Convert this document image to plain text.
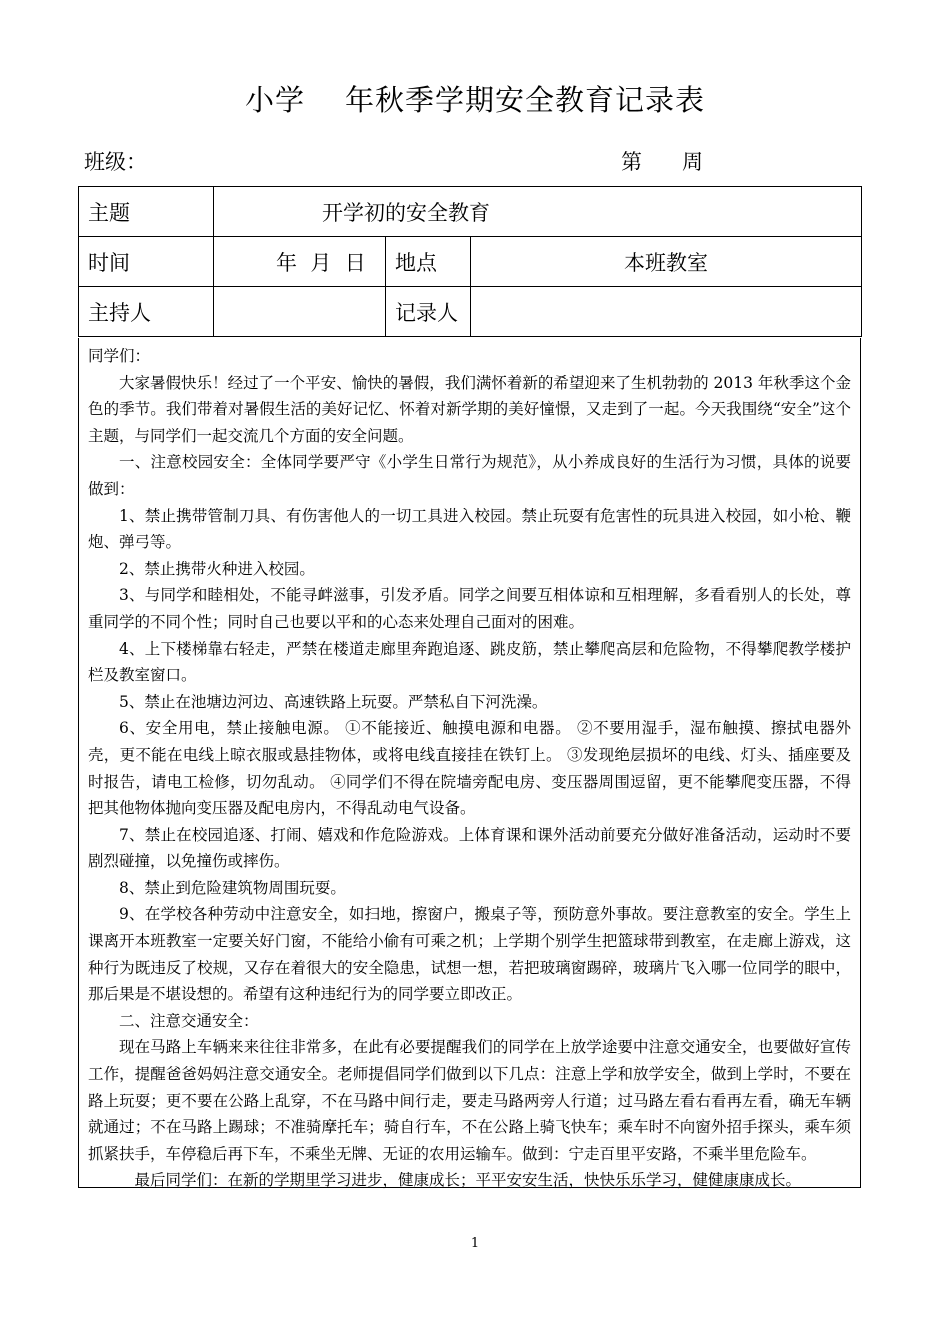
小学 年秋季学期安全教育记录表
班级：	第 周
主题	开学初的安全教育		
时间	年  月  日	地点	本班教室
主持人		记录人	

同学们：

大家暑假快乐！经过了一个平安、愉快的暑假，我们满怀着新的希望迎来了生机勃勃的 2013 年秋季这个金色的季节。我们带着对暑假生活的美好记忆、怀着对新学期的美好憧憬，又走到了一起。今天我围绕“安全”这个主题，与同学们一起交流几个方面的安全问题。

一、注意校园安全：全体同学要严守《小学生日常行为规范》，从小养成良好的生活行为习惯，具体的说要做到：

1、禁止携带管制刀具、有伤害他人的一切工具进入校园。禁止玩耍有危害性的玩具进入校园，如小枪、鞭炮、弹弓等。

2、禁止携带火种进入校园。

3、与同学和睦相处，不能寻衅滋事，引发矛盾。同学之间要互相体谅和互相理解，多看看别人的长处，尊重同学的不同个性；同时自己也要以平和的心态来处理自己面对的困难。

4、上下楼梯靠右轻走，严禁在楼道走廊里奔跑追逐、跳皮筋，禁止攀爬高层和危险物，不得攀爬教学楼护栏及教室窗口。

5、禁止在池塘边河边、高速铁路上玩耍。严禁私自下河洗澡。

6、安全用电，禁止接触电源。 ①不能接近、触摸电源和电器。 ②不要用湿手，湿布触摸、擦拭电器外壳，更不能在电线上晾衣服或悬挂物体，或将电线直接挂在铁钉上。 ③发现绝层损坏的电线、灯头、插座要及时报告，请电工检修，切勿乱动。 ④同学们不得在院墙旁配电房、变压器周围逗留，更不能攀爬变压器，不得把其他物体抛向变压器及配电房内，不得乱动电气设备。

7、禁止在校园追逐、打闹、嬉戏和作危险游戏。上体育课和课外活动前要充分做好准备活动，运动时不要剧烈碰撞，以免撞伤或摔伤。

8、禁止到危险建筑物周围玩耍。

9、在学校各种劳动中注意安全，如扫地，擦窗户，搬桌子等，预防意外事故。要注意教室的安全。学生上课离开本班教室一定要关好门窗，不能给小偷有可乘之机；上学期个别学生把篮球带到教室，在走廊上游戏，这种行为既违反了校规，又存在着很大的安全隐患，试想一想，若把玻璃窗踢碎，玻璃片飞入哪一位同学的眼中，那后果是不堪设想的。希望有这种违纪行为的同学要立即改正。

二、注意交通安全：

现在马路上车辆来来往往非常多，在此有必要提醒我们的同学在上放学途要中注意交通安全，也要做好宣传工作，提醒爸爸妈妈注意交通安全。老师提倡同学们做到以下几点：注意上学和放学安全，做到上学时，不要在路上玩耍；更不要在公路上乱穿，不在马路中间行走，要走马路两旁人行道；过马路左看右看再左看，确无车辆就通过；不在马路上踢球；不准骑摩托车；骑自行车，不在公路上骑飞快车；乘车时不向窗外招手探头，乘车须抓紧扶手，车停稳后再下车，不乘坐无牌、无证的农用运输车。做到：宁走百里平安路，不乘半里危险车。

最后同学们：在新的学期里学习进步，健康成长；平平安安生活，快快乐乐学习，健健康康成长。

1
